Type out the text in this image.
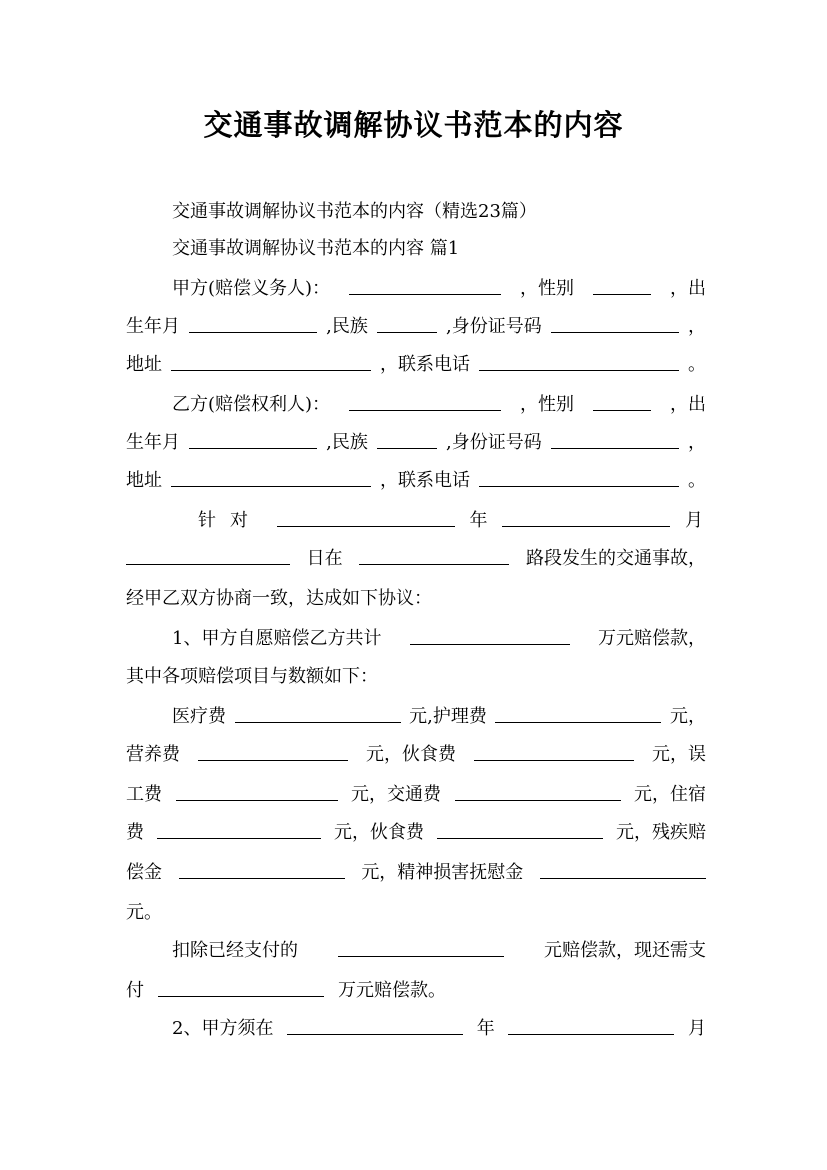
交通事故调解协议书范本的内容
交通事故调解协议书范本的内容（精选23篇）
交通事故调解协议书范本的内容 篇1
甲方(赔偿义务人)：	，性别	，出
生年月	,民族	,身份证号码	，
地址	，联系电话	。
乙方(赔偿权利人)：	，性别	，出
生年月	,民族	,身份证号码	，
地址	，联系电话	。
针对	年	月
日在	路段发生的交通事故，
经甲乙双方协商一致，达成如下协议：
1、甲方自愿赔偿乙方共计	万元赔偿款，
其中各项赔偿项目与数额如下：
医疗费	元,护理费	元，
营养费	元，伙食费	元，误
工费	元，交通费	元，住宿
费	元，伙食费	元，残疾赔
偿金	元，精神损害抚慰金
元。
扣除已经支付的	元赔偿款，现还需支
付	万元赔偿款。
2、甲方须在	年	月
